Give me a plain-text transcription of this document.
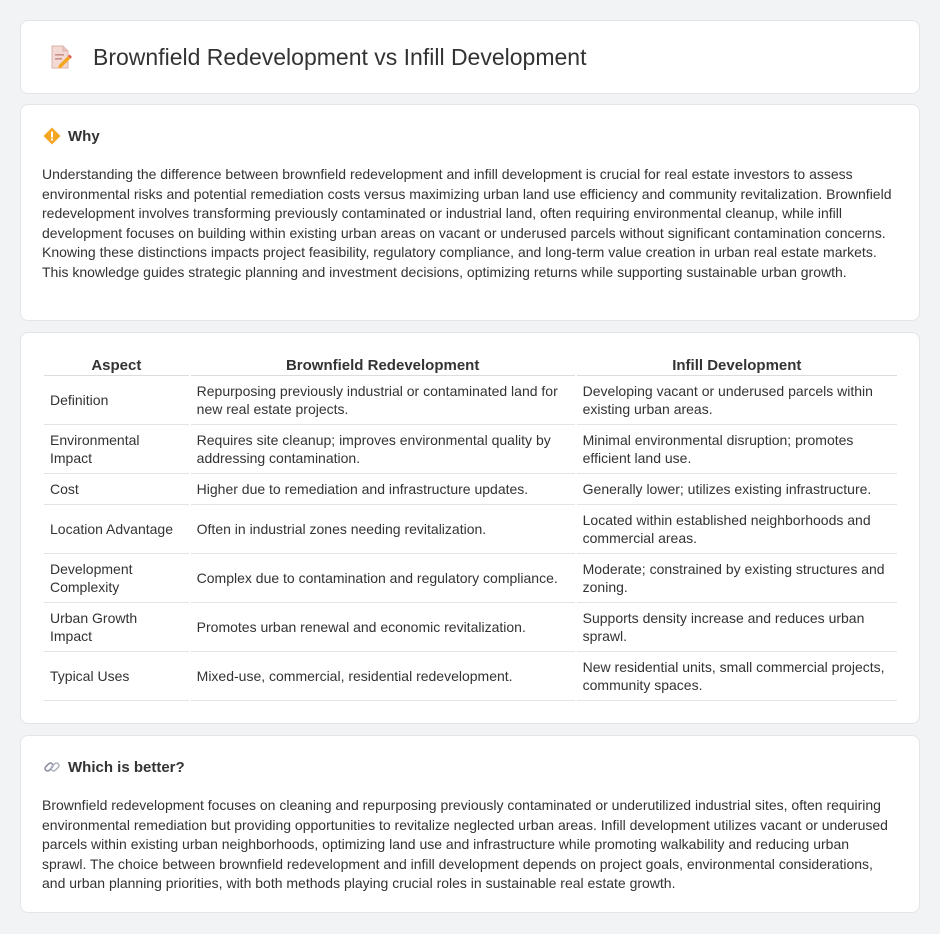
Brownfield Redevelopment vs Infill Development
Why

Understanding the difference between brownfield redevelopment and infill development is crucial for real estate investors to assess environmental risks and potential remediation costs versus maximizing urban land use efficiency and community revitalization. Brownfield redevelopment involves transforming previously contaminated or industrial land, often requiring environmental cleanup, while infill development focuses on building within existing urban areas on vacant or underused parcels without significant contamination concerns. Knowing these distinctions impacts project feasibility, regulatory compliance, and long-term value creation in urban real estate markets. This knowledge guides strategic planning and investment decisions, optimizing returns while supporting sustainable urban growth.

Aspect	Brownfield Redevelopment	Infill Development
Definition	Repurposing previously industrial or contaminated land for new real estate projects.	Developing vacant or underused parcels within existing urban areas.
Environmental Impact	Requires site cleanup; improves environmental quality by addressing contamination.	Minimal environmental disruption; promotes efficient land use.
Cost	Higher due to remediation and infrastructure updates.	Generally lower; utilizes existing infrastructure.
Location Advantage	Often in industrial zones needing revitalization.	Located within established neighborhoods and commercial areas.
Development Complexity	Complex due to contamination and regulatory compliance.	Moderate; constrained by existing structures and zoning.
Urban Growth Impact	Promotes urban renewal and economic revitalization.	Supports density increase and reduces urban sprawl.
Typical Uses	Mixed-use, commercial, residential redevelopment.	New residential units, small commercial projects, community spaces.
Which is better?

Brownfield redevelopment focuses on cleaning and repurposing previously contaminated or underutilized industrial sites, often requiring environmental remediation but providing opportunities to revitalize neglected urban areas. Infill development utilizes vacant or underused parcels within existing urban neighborhoods, optimizing land use and infrastructure while promoting walkability and reducing urban sprawl. The choice between brownfield redevelopment and infill development depends on project goals, environmental considerations, and urban planning priorities, with both methods playing crucial roles in sustainable real estate growth.
